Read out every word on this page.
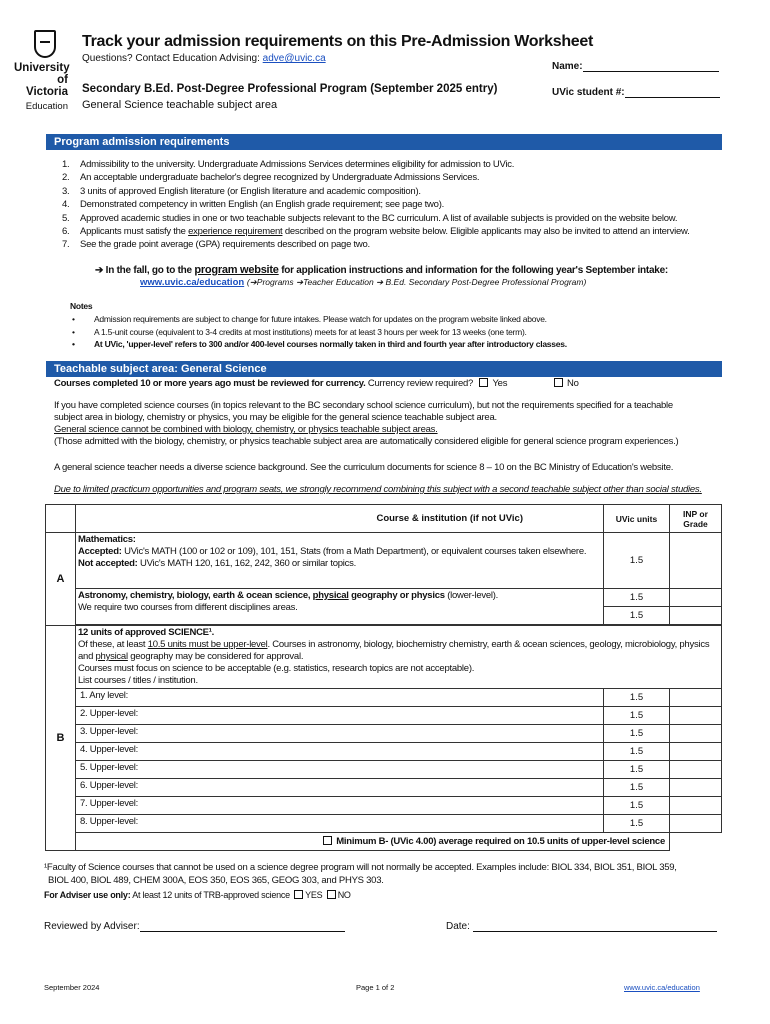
University
of Victoria
Education
Track your admission requirements on this Pre-Admission Worksheet
Questions? Contact Education Advising: adve@uvic.ca
Secondary B.Ed. Post-Degree Professional Program (September 2025 entry)
General Science teachable subject area
Name:
UVic student #:
Program admission requirements
1. Admissibility to the university. Undergraduate Admissions Services determines eligibility for admission to UVic.
2. An acceptable undergraduate bachelor's degree recognized by Undergraduate Admissions Services.
3. 3 units of approved English literature (or English literature and academic composition).
4. Demonstrated competency in written English (an English grade requirement; see page two).
5. Approved academic studies in one or two teachable subjects relevant to the BC curriculum. A list of available subjects is provided on the website below.
6. Applicants must satisfy the experience requirement described on the program website below. Eligible applicants may also be invited to attend an interview.
7. See the grade point average (GPA) requirements described on page two.
➔ In the fall, go to the program website for application instructions and information for the following year's September intake:
www.uvic.ca/education (➔Programs ➔Teacher Education ➔ B.Ed. Secondary Post-Degree Professional Program)
Notes
• Admission requirements are subject to change for future intakes. Please watch for updates on the program website linked above.
• A 1.5-unit course (equivalent to 3-4 credits at most institutions) meets for at least 3 hours per week for 13 weeks (one term).
• At UVic, 'upper-level' refers to 300 and/or 400-level courses normally taken in third and fourth year after introductory classes.
Teachable subject area: General Science
Courses completed 10 or more years ago must be reviewed for currency. Currency review required? Yes	No
If you have completed science courses (in topics relevant to the BC secondary school science curriculum), but not the requirements specified for a teachable
subject area in biology, chemistry or physics, you may be eligible for the general science teachable subject area.
General science cannot be combined with biology, chemistry, or physics teachable subject areas.
(Those admitted with the biology, chemistry, or physics teachable subject area are automatically considered eligible for general science program experiences.)
A general science teacher needs a diverse science background. See the curriculum documents for science 8 – 10 on the BC Ministry of Education's website.
Due to limited practicum opportunities and program seats, we strongly recommend combining this subject with a second teachable subject other than social studies.
	Course & institution (if not UVic)	UVic units	INP or Grade
A	Mathematics:
Accepted: UVic's MATH (100 or 102 or 109), 101, 151, Stats (from a Math Department), or equivalent courses taken elsewhere.
Not accepted: UVic's MATH 120, 161, 162, 242, 360 or similar topics.	1.5	

	Astronomy, chemistry, biology, earth & ocean science, physical geography or physics (lower-level).
We require two courses from different disciplines areas.	1.5	
		1.5	

B	12 units of approved SCIENCE¹.
Of these, at least 10.5 units must be upper-level. Courses in astronomy, biology, biochemistry chemistry, earth & ocean sciences, geology, microbiology, physics and physical geography may be considered for approval.
Courses must focus on science to be acceptable (e.g. statistics, research topics are not acceptable).
List courses / titles / institution.		

	1. Any level:	1.5	
	2. Upper-level:	1.5	
	3. Upper-level:	1.5	
	4. Upper-level:	1.5	
	5. Upper-level:	1.5	
	6. Upper-level:	1.5	
	7. Upper-level:	1.5	
	8. Upper-level:	1.5	
	Minimum B- (UVic 4.00) average required on 10.5 units of upper-level science		
¹Faculty of Science courses that cannot be used on a science degree program will not normally be accepted. Examples include: BIOL 334, BIOL 351, BIOL 359,
BIOL 400, BIOL 489, CHEM 300A, EOS 350, EOS 365, GEOG 303, and PHYS 303.
For Adviser use only: At least 12 units of TRB-approved science YES NO
Reviewed by Adviser:	Date:
September 2024	Page 1 of 2	www.uvic.ca/education
